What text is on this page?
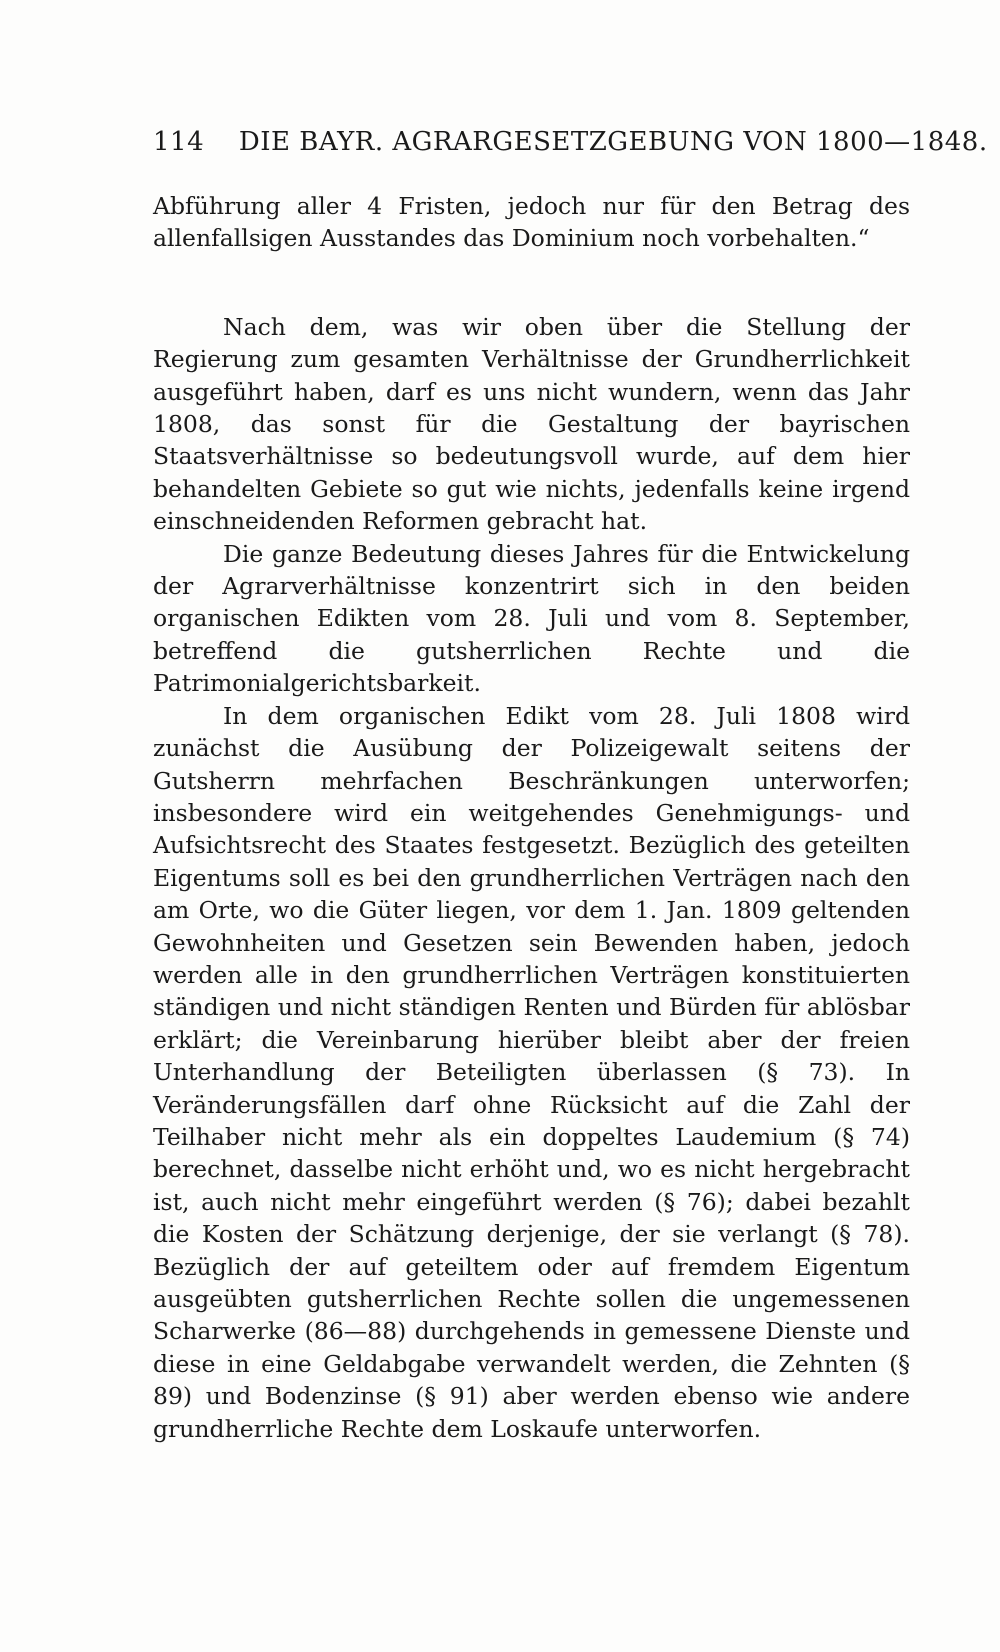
114 DIE BAYR. AGRARGESETZGEBUNG VON 1800—1848.

Abführung aller 4 Fristen, jedoch nur für den Betrag des allenfallsigen Ausstandes das Dominium noch vorbehalten.“

Nach dem, was wir oben über die Stellung der Regierung zum gesamten Verhältnisse der Grundherrlichkeit ausgeführt haben, darf es uns nicht wundern, wenn das Jahr 1808, das sonst für die Gestaltung der bayrischen Staatsverhältnisse so bedeutungsvoll wurde, auf dem hier behandelten Gebiete so gut wie nichts, jedenfalls keine irgend einschneidenden Reformen gebracht hat.

Die ganze Bedeutung dieses Jahres für die Entwickelung der Agrarverhältnisse konzentrirt sich in den beiden organischen Edikten vom 28. Juli und vom 8. September, betreffend die gutsherrlichen Rechte und die Patrimonialgerichtsbarkeit.

In dem organischen Edikt vom 28. Juli 1808 wird zunächst die Ausübung der Polizeigewalt seitens der Gutsherrn mehrfachen Beschränkungen unterworfen; insbesondere wird ein weitgehendes Genehmigungs- und Aufsichtsrecht des Staates festgesetzt. Bezüglich des geteilten Eigentums soll es bei den grundherrlichen Verträgen nach den am Orte, wo die Güter liegen, vor dem 1. Jan. 1809 geltenden Gewohnheiten und Gesetzen sein Bewenden haben, jedoch werden alle in den grundherrlichen Verträgen konstituierten ständigen und nicht ständigen Renten und Bürden für ablösbar erklärt; die Vereinbarung hierüber bleibt aber der freien Unterhandlung der Beteiligten überlassen (§ 73). In Veränderungsfällen darf ohne Rücksicht auf die Zahl der Teilhaber nicht mehr als ein doppeltes Laudemium (§ 74) berechnet, dasselbe nicht erhöht und, wo es nicht hergebracht ist, auch nicht mehr eingeführt werden (§ 76); dabei bezahlt die Kosten der Schätzung derjenige, der sie verlangt (§ 78). Bezüglich der auf geteiltem oder auf fremdem Eigentum ausgeübten gutsherrlichen Rechte sollen die ungemessenen Scharwerke (86—88) durchgehends in gemessene Dienste und diese in eine Geldabgabe verwandelt werden, die Zehnten (§ 89) und Bodenzinse (§ 91) aber werden ebenso wie andere grundherrliche Rechte dem Loskaufe unterworfen.
